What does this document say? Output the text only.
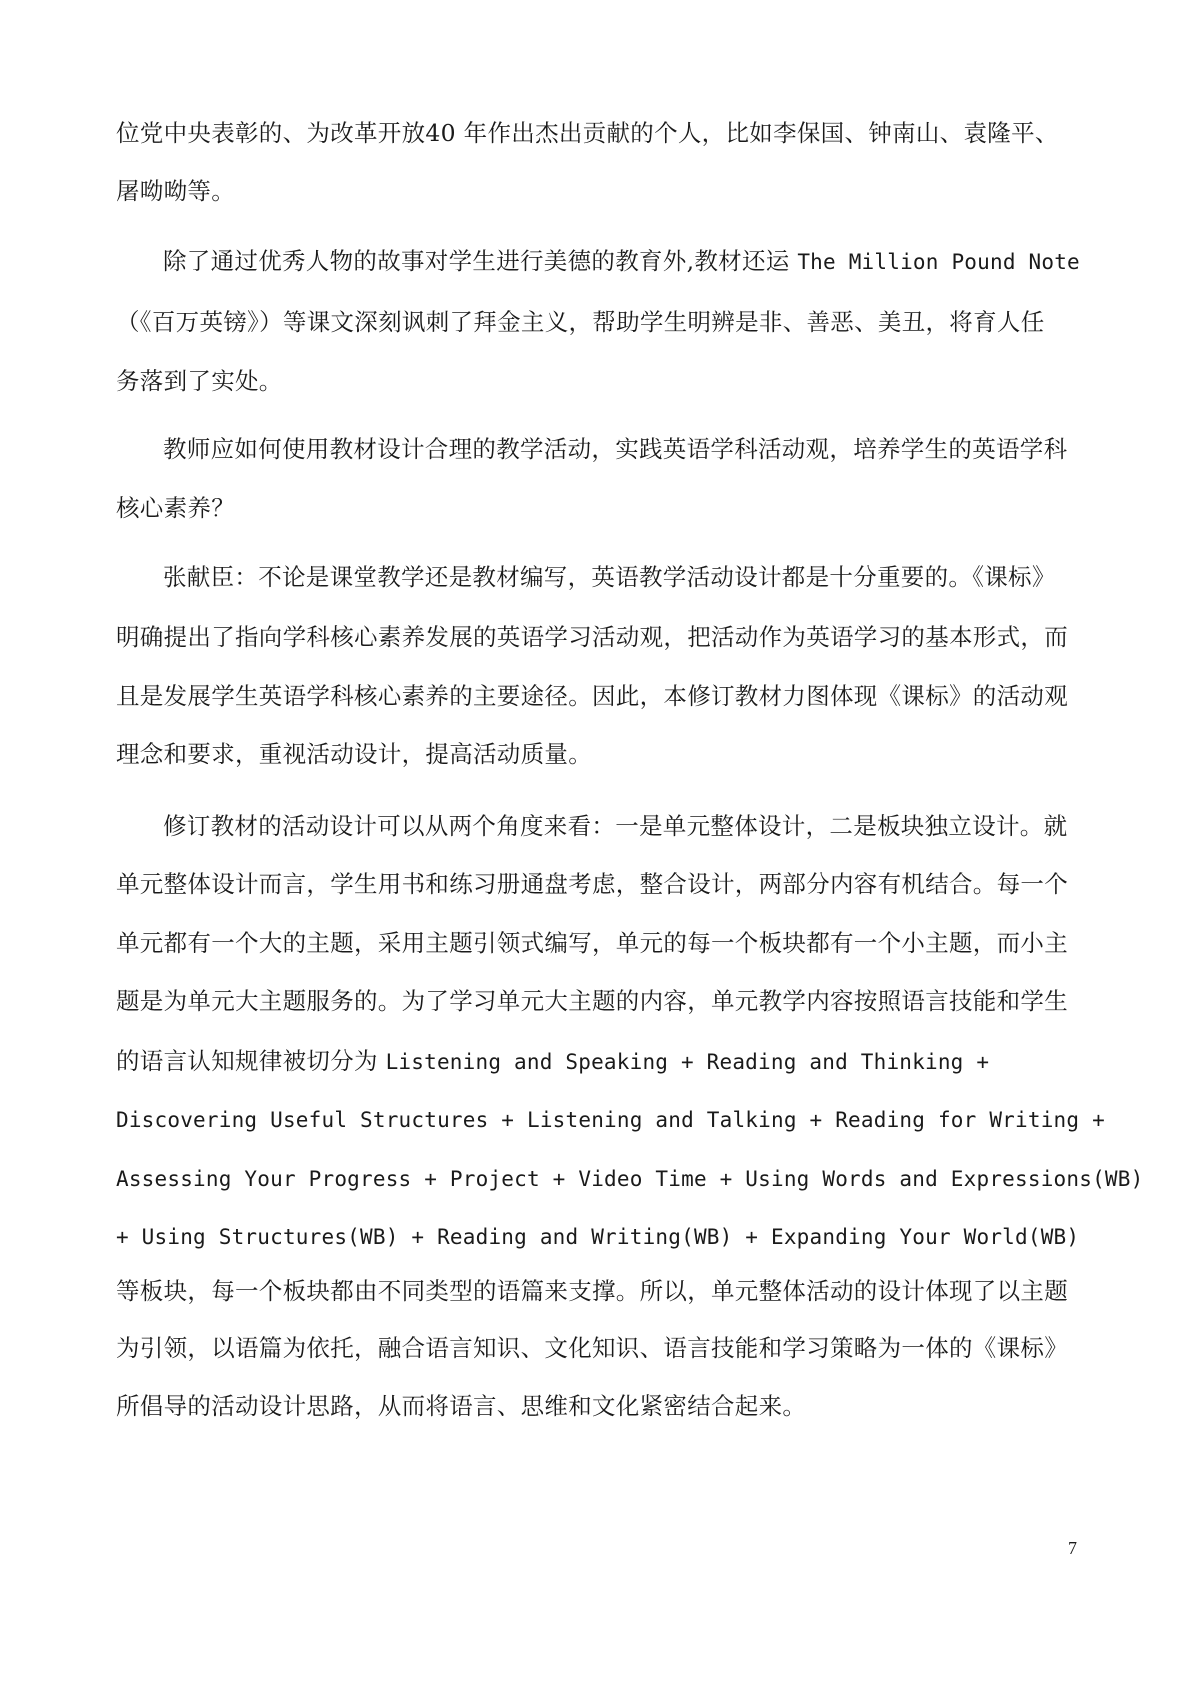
位党中央表彰的、为改革开放40 年作出杰出贡献的个人，比如李保国、钟南山、袁隆平、
屠呦呦等。
除了通过优秀人物的故事对学生进行美德的教育外,教材还运 The Million Pound Note
（《百万英镑》）等课文深刻讽刺了拜金主义，帮助学生明辨是非、善恶、美丑，将育人任
务落到了实处。
教师应如何使用教材设计合理的教学活动，实践英语学科活动观，培养学生的英语学科
核心素养？
张献臣：不论是课堂教学还是教材编写，英语教学活动设计都是十分重要的。《课标》
明确提出了指向学科核心素养发展的英语学习活动观，把活动作为英语学习的基本形式，而
且是发展学生英语学科核心素养的主要途径。因此，本修订教材力图体现《课标》的活动观
理念和要求，重视活动设计，提高活动质量。
修订教材的活动设计可以从两个角度来看：一是单元整体设计，二是板块独立设计。就
单元整体设计而言，学生用书和练习册通盘考虑，整合设计，两部分内容有机结合。每一个
单元都有一个大的主题，采用主题引领式编写，单元的每一个板块都有一个小主题，而小主
题是为单元大主题服务的。为了学习单元大主题的内容，单元教学内容按照语言技能和学生
的语言认知规律被切分为 Listening and Speaking + Reading and Thinking +
Discovering Useful Structures + Listening and Talking + Reading for Writing +
Assessing Your Progress + Project + Video Time + Using Words and Expressions(WB)
+ Using Structures(WB) + Reading and Writing(WB) + Expanding Your World(WB)
等板块，每一个板块都由不同类型的语篇来支撑。所以，单元整体活动的设计体现了以主题
为引领，以语篇为依托，融合语言知识、文化知识、语言技能和学习策略为一体的《课标》
所倡导的活动设计思路，从而将语言、思维和文化紧密结合起来。
7
